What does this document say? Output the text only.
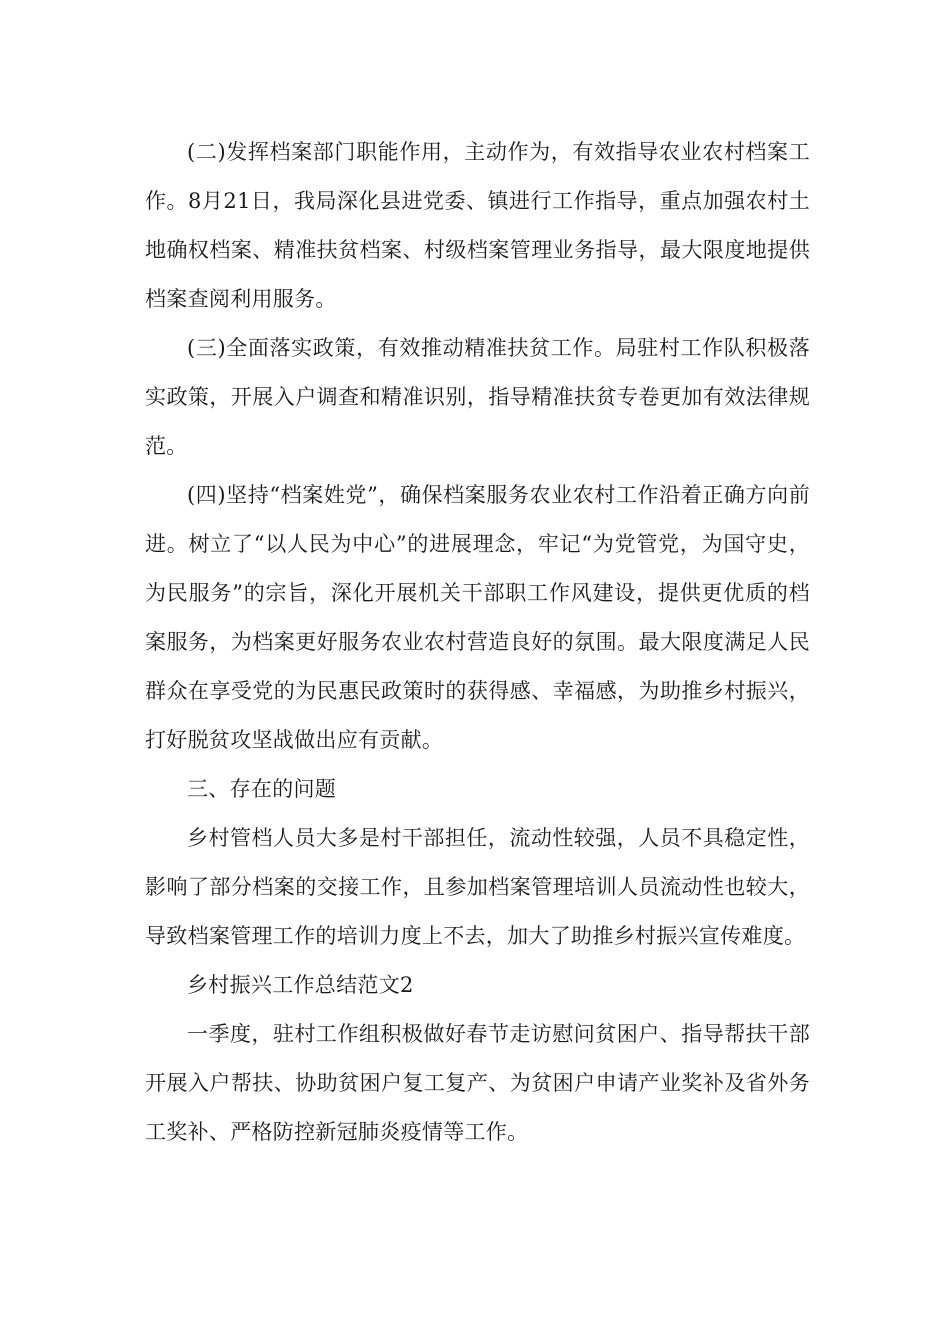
(二)发挥档案部门职能作用，主动作为，有效指导农业农村档案工作。8月21日，我局深化县进党委、镇进行工作指导，重点加强农村土地确权档案、精准扶贫档案、村级档案管理业务指导，最大限度地提供档案查阅利用服务。

(三)全面落实政策，有效推动精准扶贫工作。局驻村工作队积极落实政策，开展入户调查和精准识别，指导精准扶贫专卷更加有效法律规范。

(四)坚持“档案姓党”，确保档案服务农业农村工作沿着正确方向前进。树立了“以人民为中心”的进展理念，牢记“为党管党，为国守史，为民服务”的宗旨，深化开展机关干部职工作风建设，提供更优质的档案服务，为档案更好服务农业农村营造良好的氛围。最大限度满足人民群众在享受党的为民惠民政策时的获得感、幸福感，为助推乡村振兴，打好脱贫攻坚战做出应有贡献。

三、存在的问题

乡村管档人员大多是村干部担任，流动性较强，人员不具稳定性，影响了部分档案的交接工作，且参加档案管理培训人员流动性也较大，导致档案管理工作的培训力度上不去，加大了助推乡村振兴宣传难度。

乡村振兴工作总结范文2

一季度，驻村工作组积极做好春节走访慰问贫困户、指导帮扶干部开展入户帮扶、协助贫困户复工复产、为贫困户申请产业奖补及省外务工奖补、严格防控新冠肺炎疫情等工作。
